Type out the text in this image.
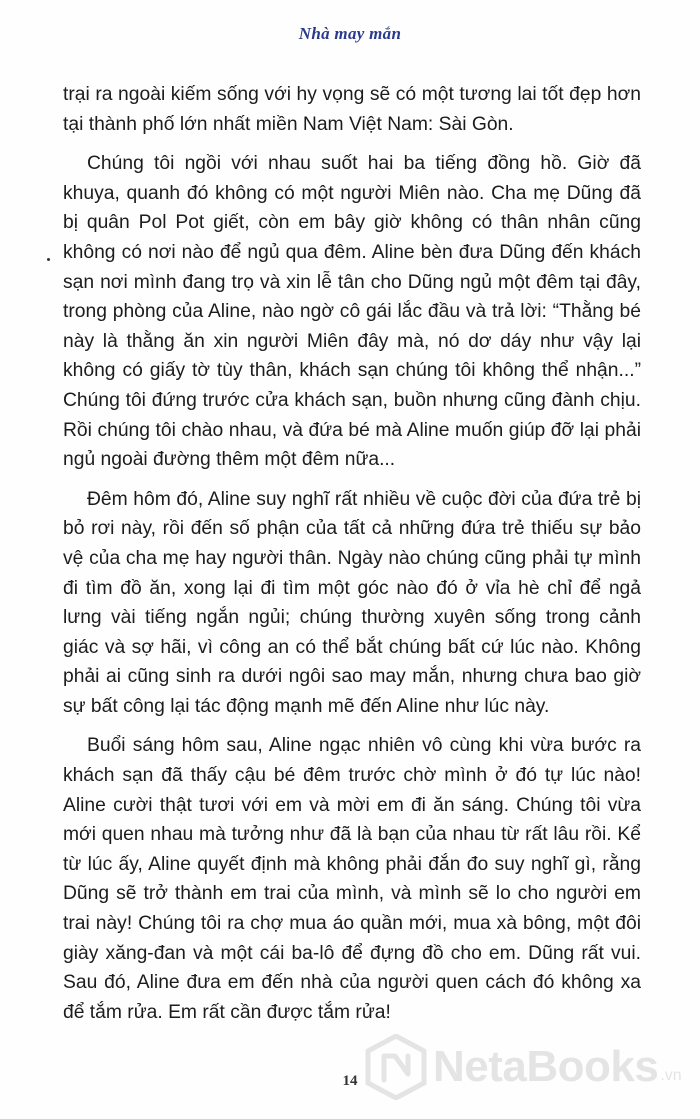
Nhà may mắn

trại ra ngoài kiếm sống với hy vọng sẽ có một tương lai tốt đẹp hơn tại thành phố lớn nhất miền Nam Việt Nam: Sài Gòn.

Chúng tôi ngồi với nhau suốt hai ba tiếng đồng hồ. Giờ đã khuya, quanh đó không có một người Miên nào. Cha mẹ Dũng đã bị quân Pol Pot giết, còn em bây giờ không có thân nhân cũng không có nơi nào để ngủ qua đêm. Aline bèn đưa Dũng đến khách sạn nơi mình đang trọ và xin lễ tân cho Dũng ngủ một đêm tại đây, trong phòng của Aline, nào ngờ cô gái lắc đầu và trả lời: “Thằng bé này là thằng ăn xin người Miên đây mà, nó dơ dáy như vậy lại không có giấy tờ tùy thân, khách sạn chúng tôi không thể nhận...” Chúng tôi đứng trước cửa khách sạn, buồn nhưng cũng đành chịu. Rồi chúng tôi chào nhau, và đứa bé mà Aline muốn giúp đỡ lại phải ngủ ngoài đường thêm một đêm nữa...

Đêm hôm đó, Aline suy nghĩ rất nhiều về cuộc đời của đứa trẻ bị bỏ rơi này, rồi đến số phận của tất cả những đứa trẻ thiếu sự bảo vệ của cha mẹ hay người thân. Ngày nào chúng cũng phải tự mình đi tìm đồ ăn, xong lại đi tìm một góc nào đó ở vỉa hè chỉ để ngả lưng vài tiếng ngắn ngủi; chúng thường xuyên sống trong cảnh giác và sợ hãi, vì công an có thể bắt chúng bất cứ lúc nào. Không phải ai cũng sinh ra dưới ngôi sao may mắn, nhưng chưa bao giờ sự bất công lại tác động mạnh mẽ đến Aline như lúc này.

Buổi sáng hôm sau, Aline ngạc nhiên vô cùng khi vừa bước ra khách sạn đã thấy cậu bé đêm trước chờ mình ở đó tự lúc nào! Aline cười thật tươi với em và mời em đi ăn sáng. Chúng tôi vừa mới quen nhau mà tưởng như đã là bạn của nhau từ rất lâu rồi. Kể từ lúc ấy, Aline quyết định mà không phải đắn đo suy nghĩ gì, rằng Dũng sẽ trở thành em trai của mình, và mình sẽ lo cho người em trai này! Chúng tôi ra chợ mua áo quần mới, mua xà bông, một đôi giày xăng-đan và một cái ba-lô để đựng đồ cho em. Dũng rất vui. Sau đó, Aline đưa em đến nhà của người quen cách đó không xa để tắm rửa. Em rất cần được tắm rửa!

14	NetaBooks .vn
